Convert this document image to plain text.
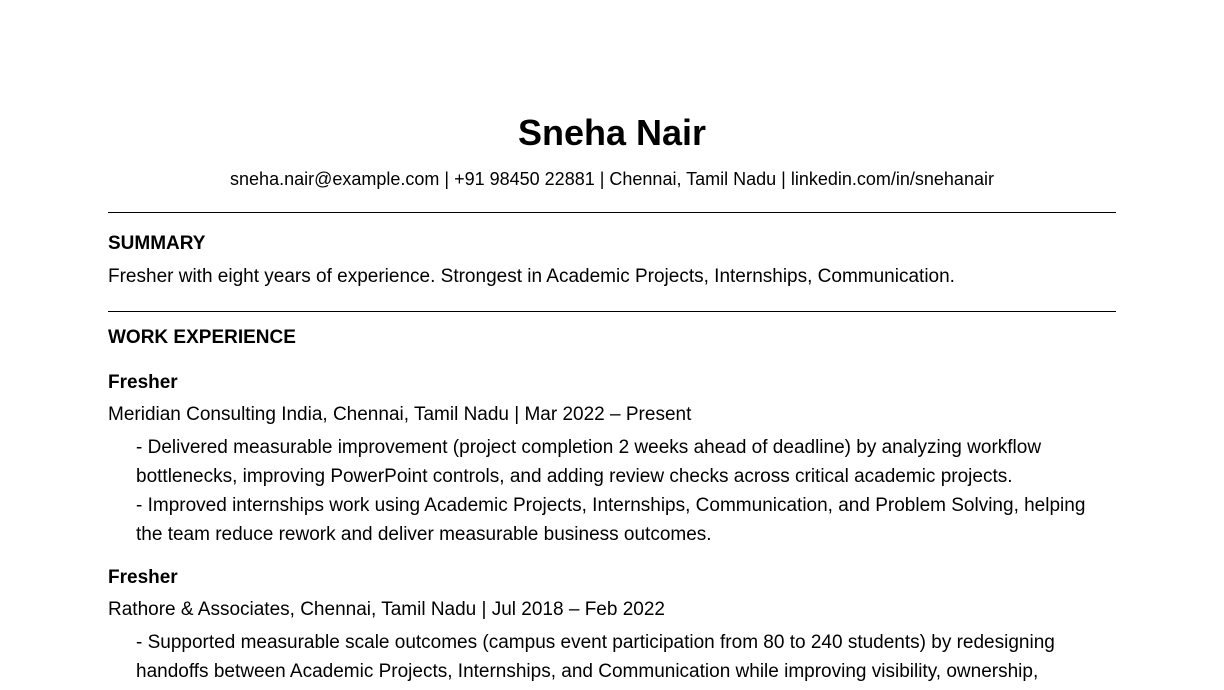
Sneha Nair
sneha.nair@example.com | +91 98450 22881 | Chennai, Tamil Nadu | linkedin.com/in/snehanair
SUMMARY
Fresher with eight years of experience. Strongest in Academic Projects, Internships, Communication.
WORK EXPERIENCE
Fresher
Meridian Consulting India, Chennai, Tamil Nadu | Mar 2022 – Present
- Delivered measurable improvement (project completion 2 weeks ahead of deadline) by analyzing workflow bottlenecks, improving PowerPoint controls, and adding review checks across critical academic projects.
- Improved internships work using Academic Projects, Internships, Communication, and Problem Solving, helping the team reduce rework and deliver measurable business outcomes.
Fresher
Rathore & Associates, Chennai, Tamil Nadu | Jul 2018 – Feb 2022
- Supported measurable scale outcomes (campus event participation from 80 to 240 students) by redesigning handoffs between Academic Projects, Internships, and Communication while improving visibility, ownership,
